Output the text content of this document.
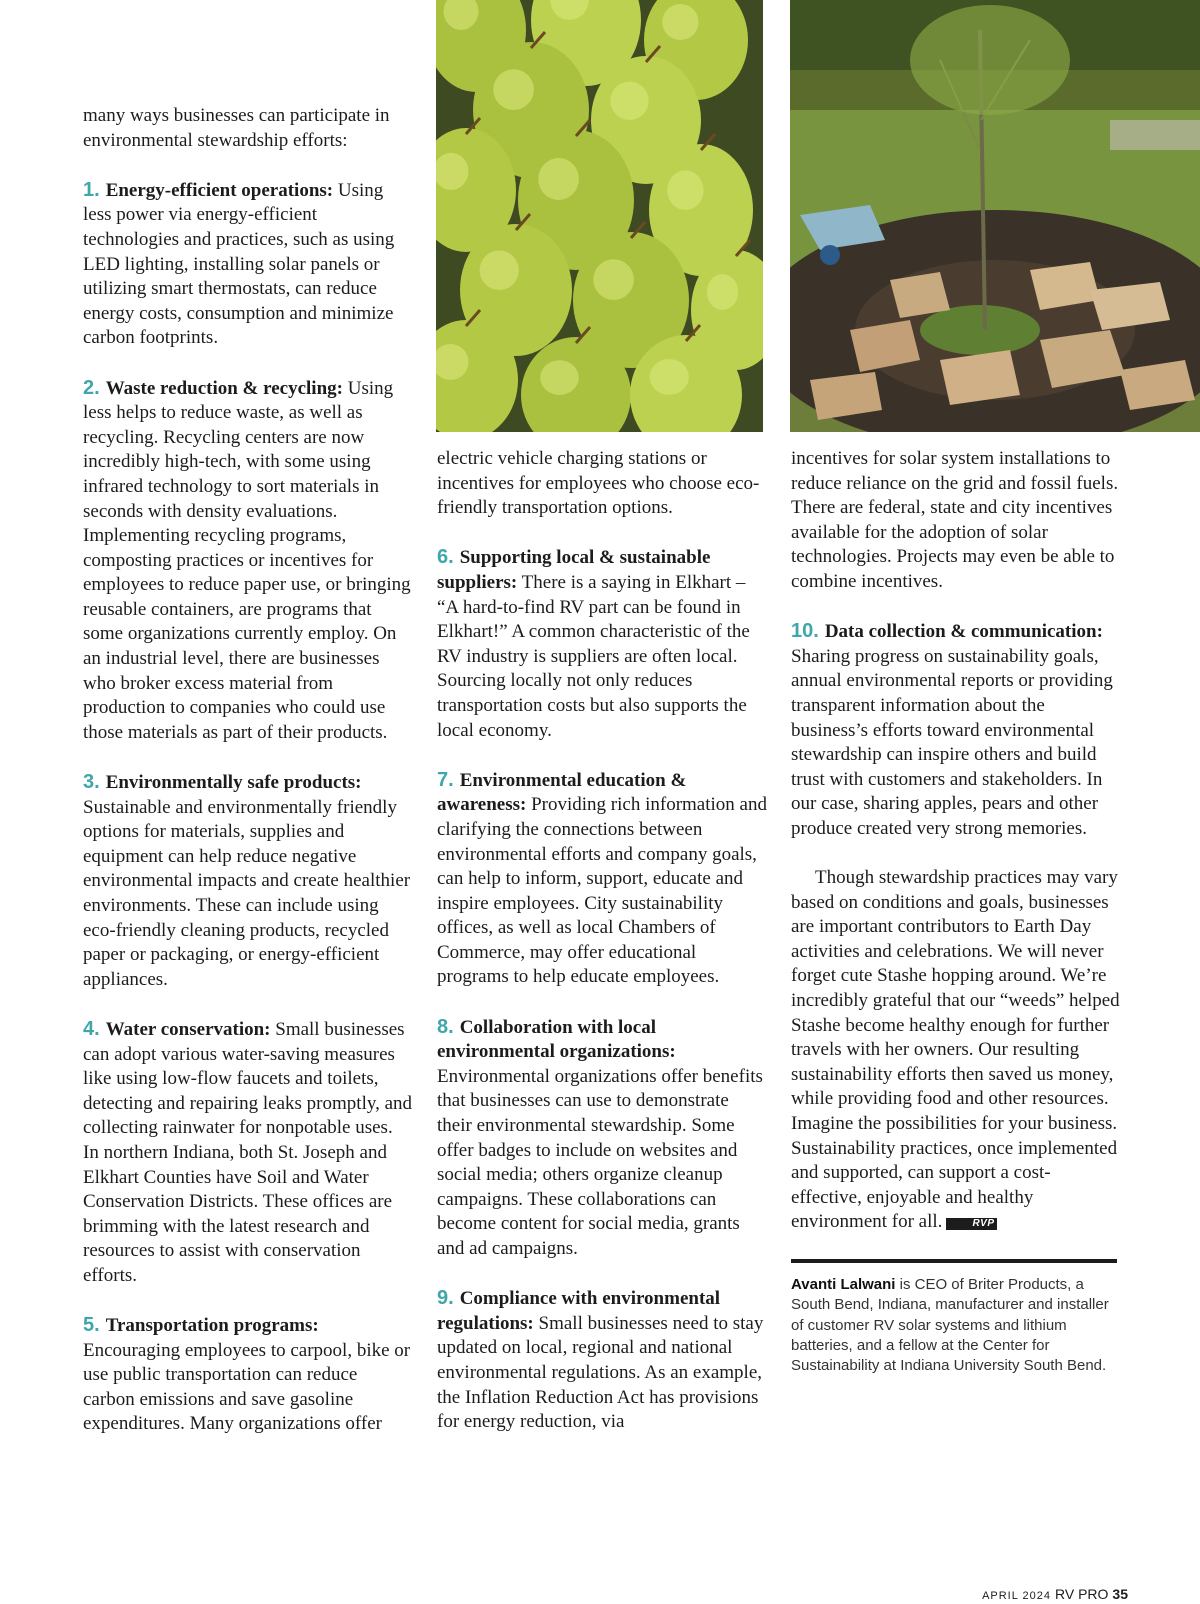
many ways businesses can participate in environmental stewardship efforts:

1. Energy-efficient operations: Using less power via energy-efficient technologies and practices, such as using LED lighting, installing solar panels or utilizing smart thermostats, can reduce energy costs, consumption and minimize carbon footprints.

2. Waste reduction & recycling: Using less helps to reduce waste, as well as recycling. Recycling centers are now incredibly high-tech, with some using infrared technology to sort materials in seconds with density evaluations. Implementing recycling programs, composting practices or incentives for employees to reduce paper use, or bringing reusable containers, are programs that some organizations currently employ. On an industrial level, there are businesses who broker excess material from production to companies who could use those materials as part of their products.

3. Environmentally safe products: Sustainable and environmentally friendly options for materials, supplies and equipment can help reduce negative environmental impacts and create healthier environments. These can include using eco-friendly cleaning products, recycled paper or packaging, or energy-efficient appliances.

4. Water conservation: Small businesses can adopt various water-saving measures like using low-flow faucets and toilets, detecting and repairing leaks promptly, and collecting rainwater for nonpotable uses. In northern Indiana, both St. Joseph and Elkhart Counties have Soil and Water Conservation Districts. These offices are brimming with the latest research and resources to assist with conservation efforts.

5. Transportation programs: Encouraging employees to carpool, bike or use public transportation can reduce carbon emissions and save gasoline expenditures. Many organizations offer

electric vehicle charging stations or incentives for employees who choose eco-friendly transportation options.

6. Supporting local & sustainable suppliers: There is a saying in Elkhart – “A hard-to-find RV part can be found in Elkhart!” A common characteristic of the RV industry is suppliers are often local. Sourcing locally not only reduces transportation costs but also supports the local economy.

7. Environmental education & awareness: Providing rich information and clarifying the connections between environmental efforts and company goals, can help to inform, support, educate and inspire employees. City sustainability offices, as well as local Chambers of Commerce, may offer educational programs to help educate employees.

8. Collaboration with local environmental organizations: Environmental organizations offer benefits that businesses can use to demonstrate their environmental stewardship. Some offer badges to include on websites and social media; others organize cleanup campaigns. These collaborations can become content for social media, grants and ad campaigns.

9. Compliance with environmental regulations: Small businesses need to stay updated on local, regional and national environmental regulations. As an example, the Inflation Reduction Act has provisions for energy reduction, via

incentives for solar system installations to reduce reliance on the grid and fossil fuels. There are federal, state and city incentives available for the adoption of solar technologies. Projects may even be able to combine incentives.

10. Data collection & communication: Sharing progress on sustainability goals, annual environmental reports or providing transparent information about the business’s efforts toward environmental stewardship can inspire others and build trust with customers and stakeholders. In our case, sharing apples, pears and other produce created very strong memories.

Though stewardship practices may vary based on conditions and goals, businesses are important contributors to Earth Day activities and celebrations. We will never forget cute Stashe hopping around. We’re incredibly grateful that our “weeds” helped Stashe become healthy enough for further travels with her owners. Our resulting sustainability efforts then saved us money, while providing food and other resources. Imagine the possibilities for your business. Sustainability practices, once implemented and supported, can support a cost-effective, enjoyable and healthy environment for all.	RVP

Avanti Lalwani is CEO of Briter Products, a South Bend, Indiana, manufacturer and installer of customer RV solar systems and lithium batteries, and a fellow at the Center for Sustainability at Indiana University South Bend.
APRIL 2024 RV PRO 35
